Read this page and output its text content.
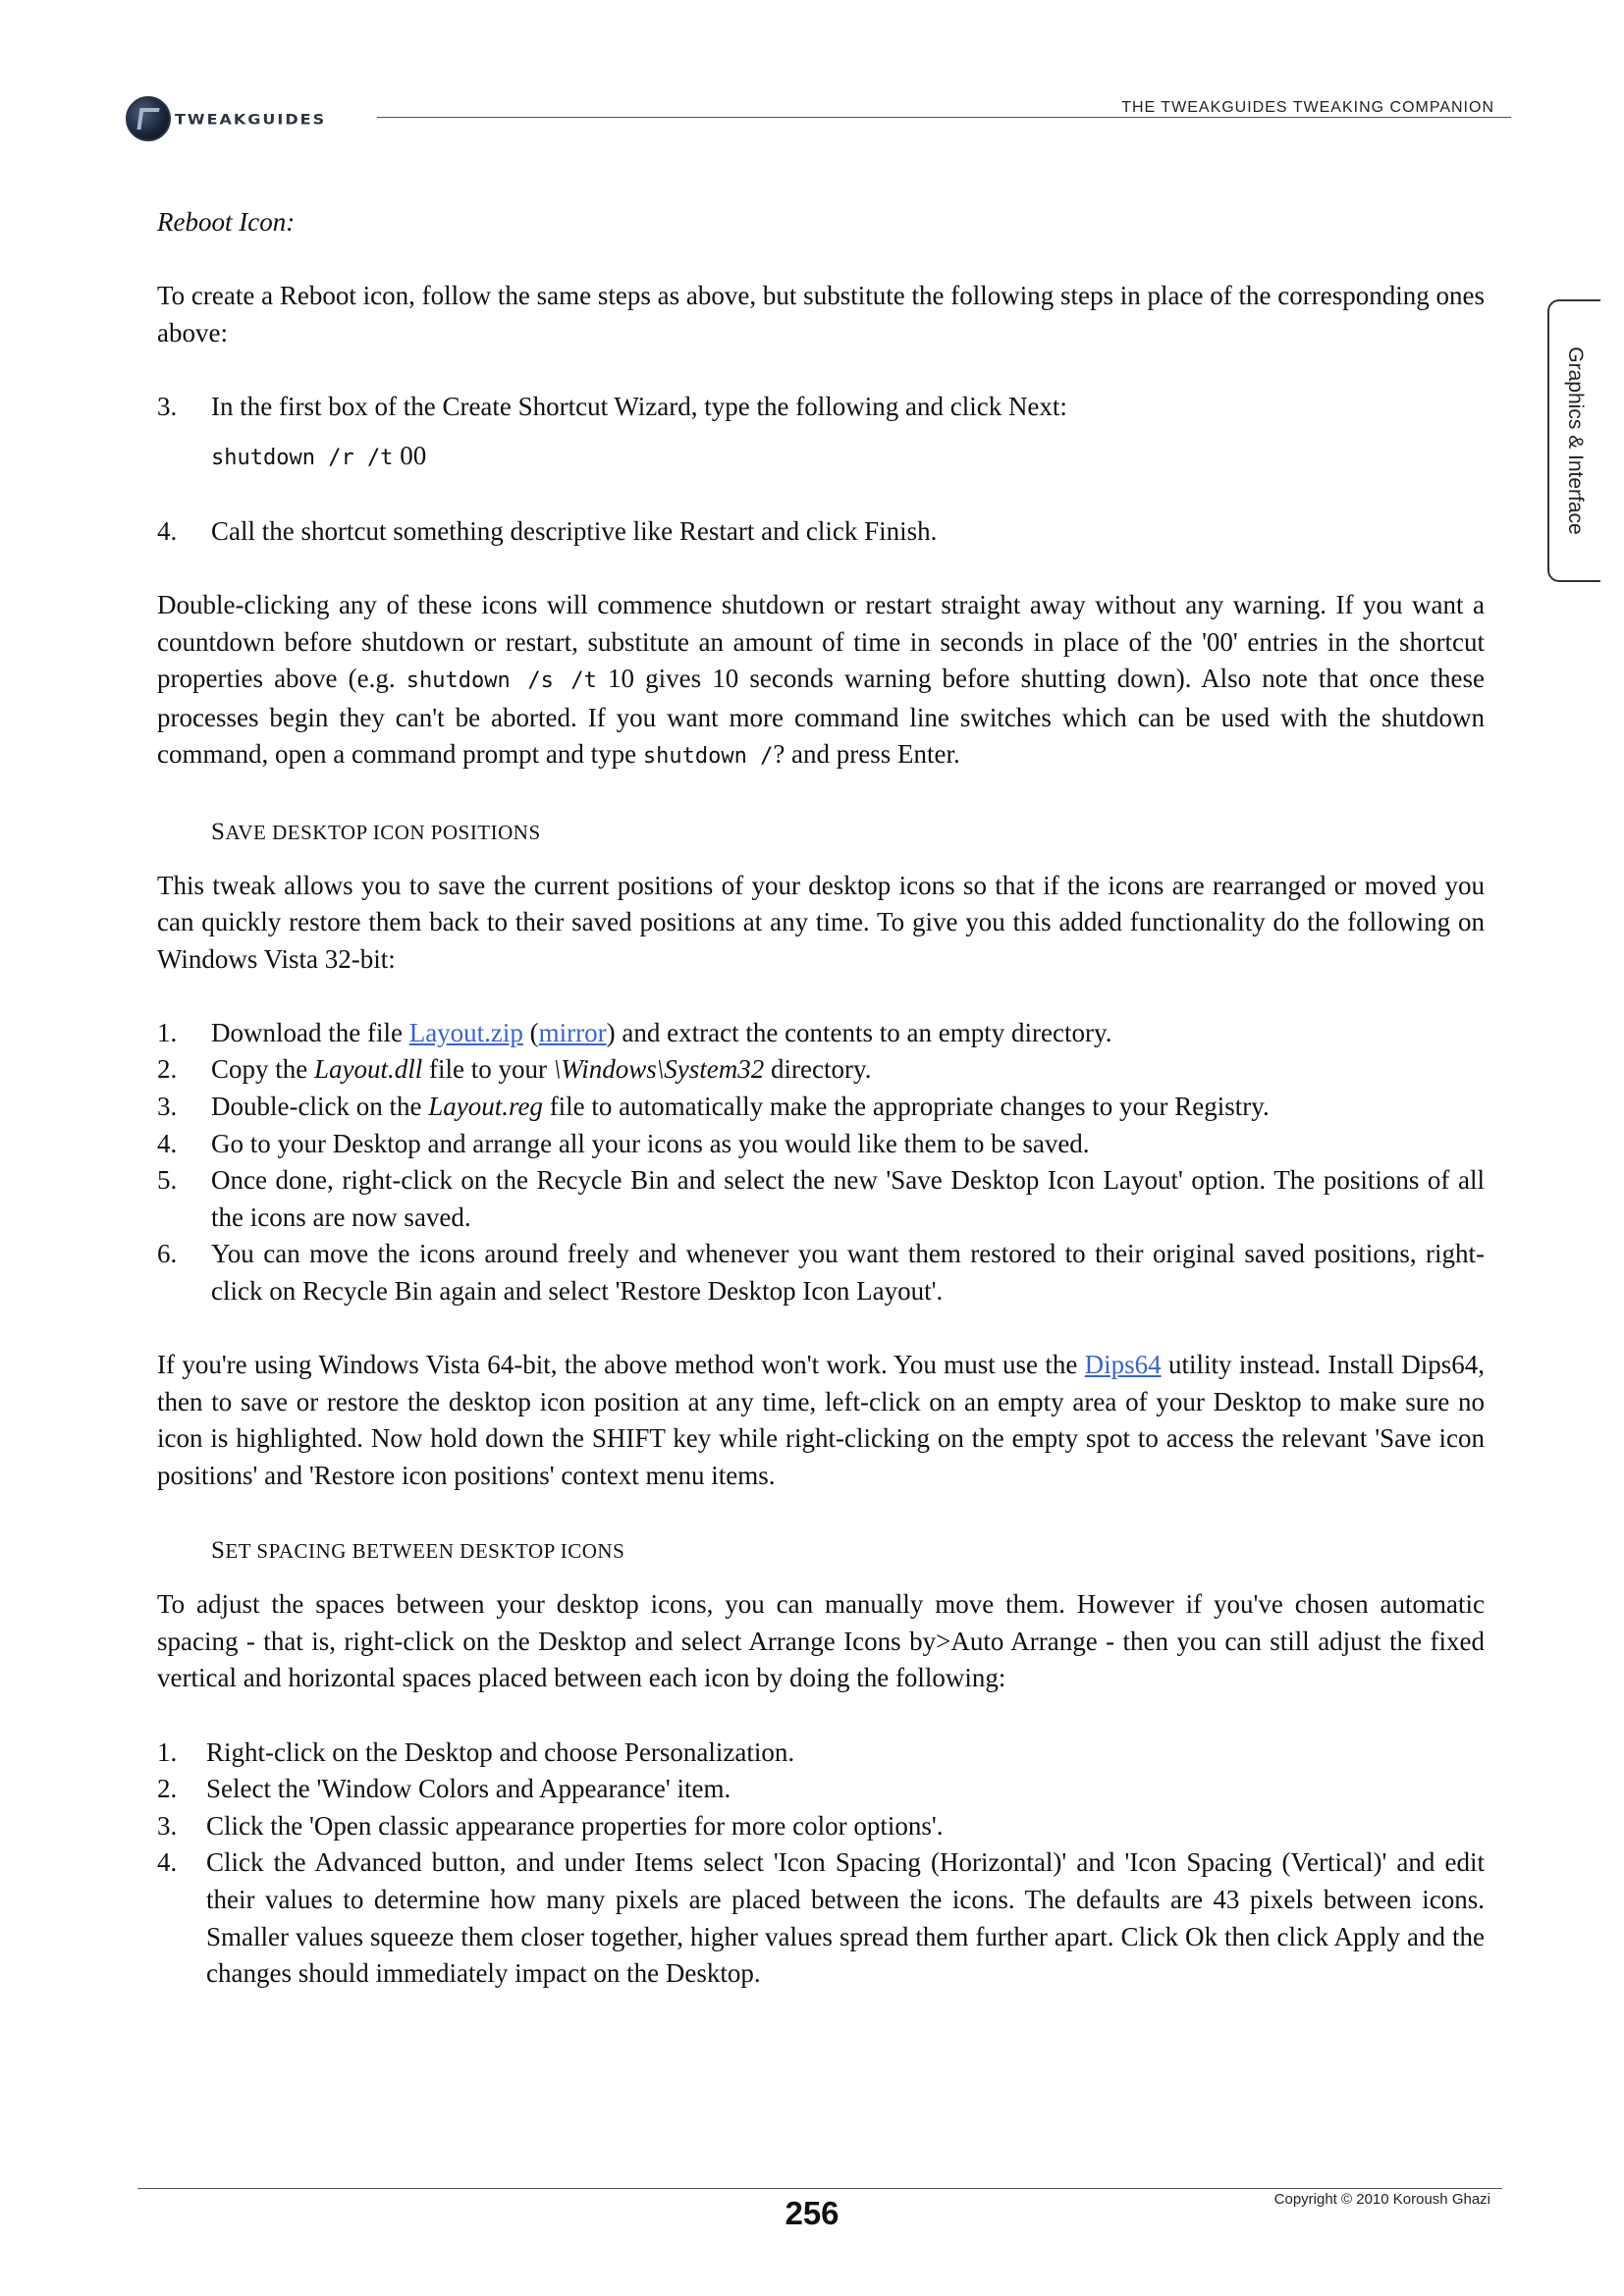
TWEAKGUIDES
THE TWEAKGUIDES TWEAKING COMPANION
Graphics & Interface

Reboot Icon:

To create a Reboot icon, follow the same steps as above, but substitute the following steps in place of the corresponding ones above:

3.	In the first box of the Create Shortcut Wizard, type the following and click Next:

shutdown /r /t 00

4.	Call the shortcut something descriptive like Restart and click Finish.

Double-clicking any of these icons will commence shutdown or restart straight away without any warning. If you want a countdown before shutdown or restart, substitute an amount of time in seconds in place of the '00' entries in the shortcut properties above (e.g. shutdown /s /t 10 gives 10 seconds warning before shutting down). Also note that once these processes begin they can't be aborted. If you want more command line switches which can be used with the shutdown command, open a command prompt and type shutdown /? and press Enter.

SAVE DESKTOP ICON POSITIONS

This tweak allows you to save the current positions of your desktop icons so that if the icons are rearranged or moved you can quickly restore them back to their saved positions at any time. To give you this added functionality do the following on Windows Vista 32-bit:

1.	Download the file Layout.zip (mirror) and extract the contents to an empty directory.
2.	Copy the Layout.dll file to your \Windows\System32 directory.
3.	Double-click on the Layout.reg file to automatically make the appropriate changes to your Registry.
4.	Go to your Desktop and arrange all your icons as you would like them to be saved.
5.	Once done, right-click on the Recycle Bin and select the new 'Save Desktop Icon Layout' option. The positions of all the icons are now saved.
6.	You can move the icons around freely and whenever you want them restored to their original saved positions, right-click on Recycle Bin again and select 'Restore Desktop Icon Layout'.

If you're using Windows Vista 64-bit, the above method won't work. You must use the Dips64 utility instead. Install Dips64, then to save or restore the desktop icon position at any time, left-click on an empty area of your Desktop to make sure no icon is highlighted. Now hold down the SHIFT key while right-clicking on the empty spot to access the relevant 'Save icon positions' and 'Restore icon positions' context menu items.

SET SPACING BETWEEN DESKTOP ICONS

To adjust the spaces between your desktop icons, you can manually move them. However if you've chosen automatic spacing - that is, right-click on the Desktop and select Arrange Icons by>Auto Arrange - then you can still adjust the fixed vertical and horizontal spaces placed between each icon by doing the following:

1.	Right-click on the Desktop and choose Personalization.
2.	Select the 'Window Colors and Appearance' item.
3.	Click the 'Open classic appearance properties for more color options'.
4.	Click the Advanced button, and under Items select 'Icon Spacing (Horizontal)' and 'Icon Spacing (Vertical)' and edit their values to determine how many pixels are placed between the icons. The defaults are 43 pixels between icons. Smaller values squeeze them closer together, higher values spread them further apart. Click Ok then click Apply and the changes should immediately impact on the Desktop.
256	Copyright © 2010 Koroush Ghazi
